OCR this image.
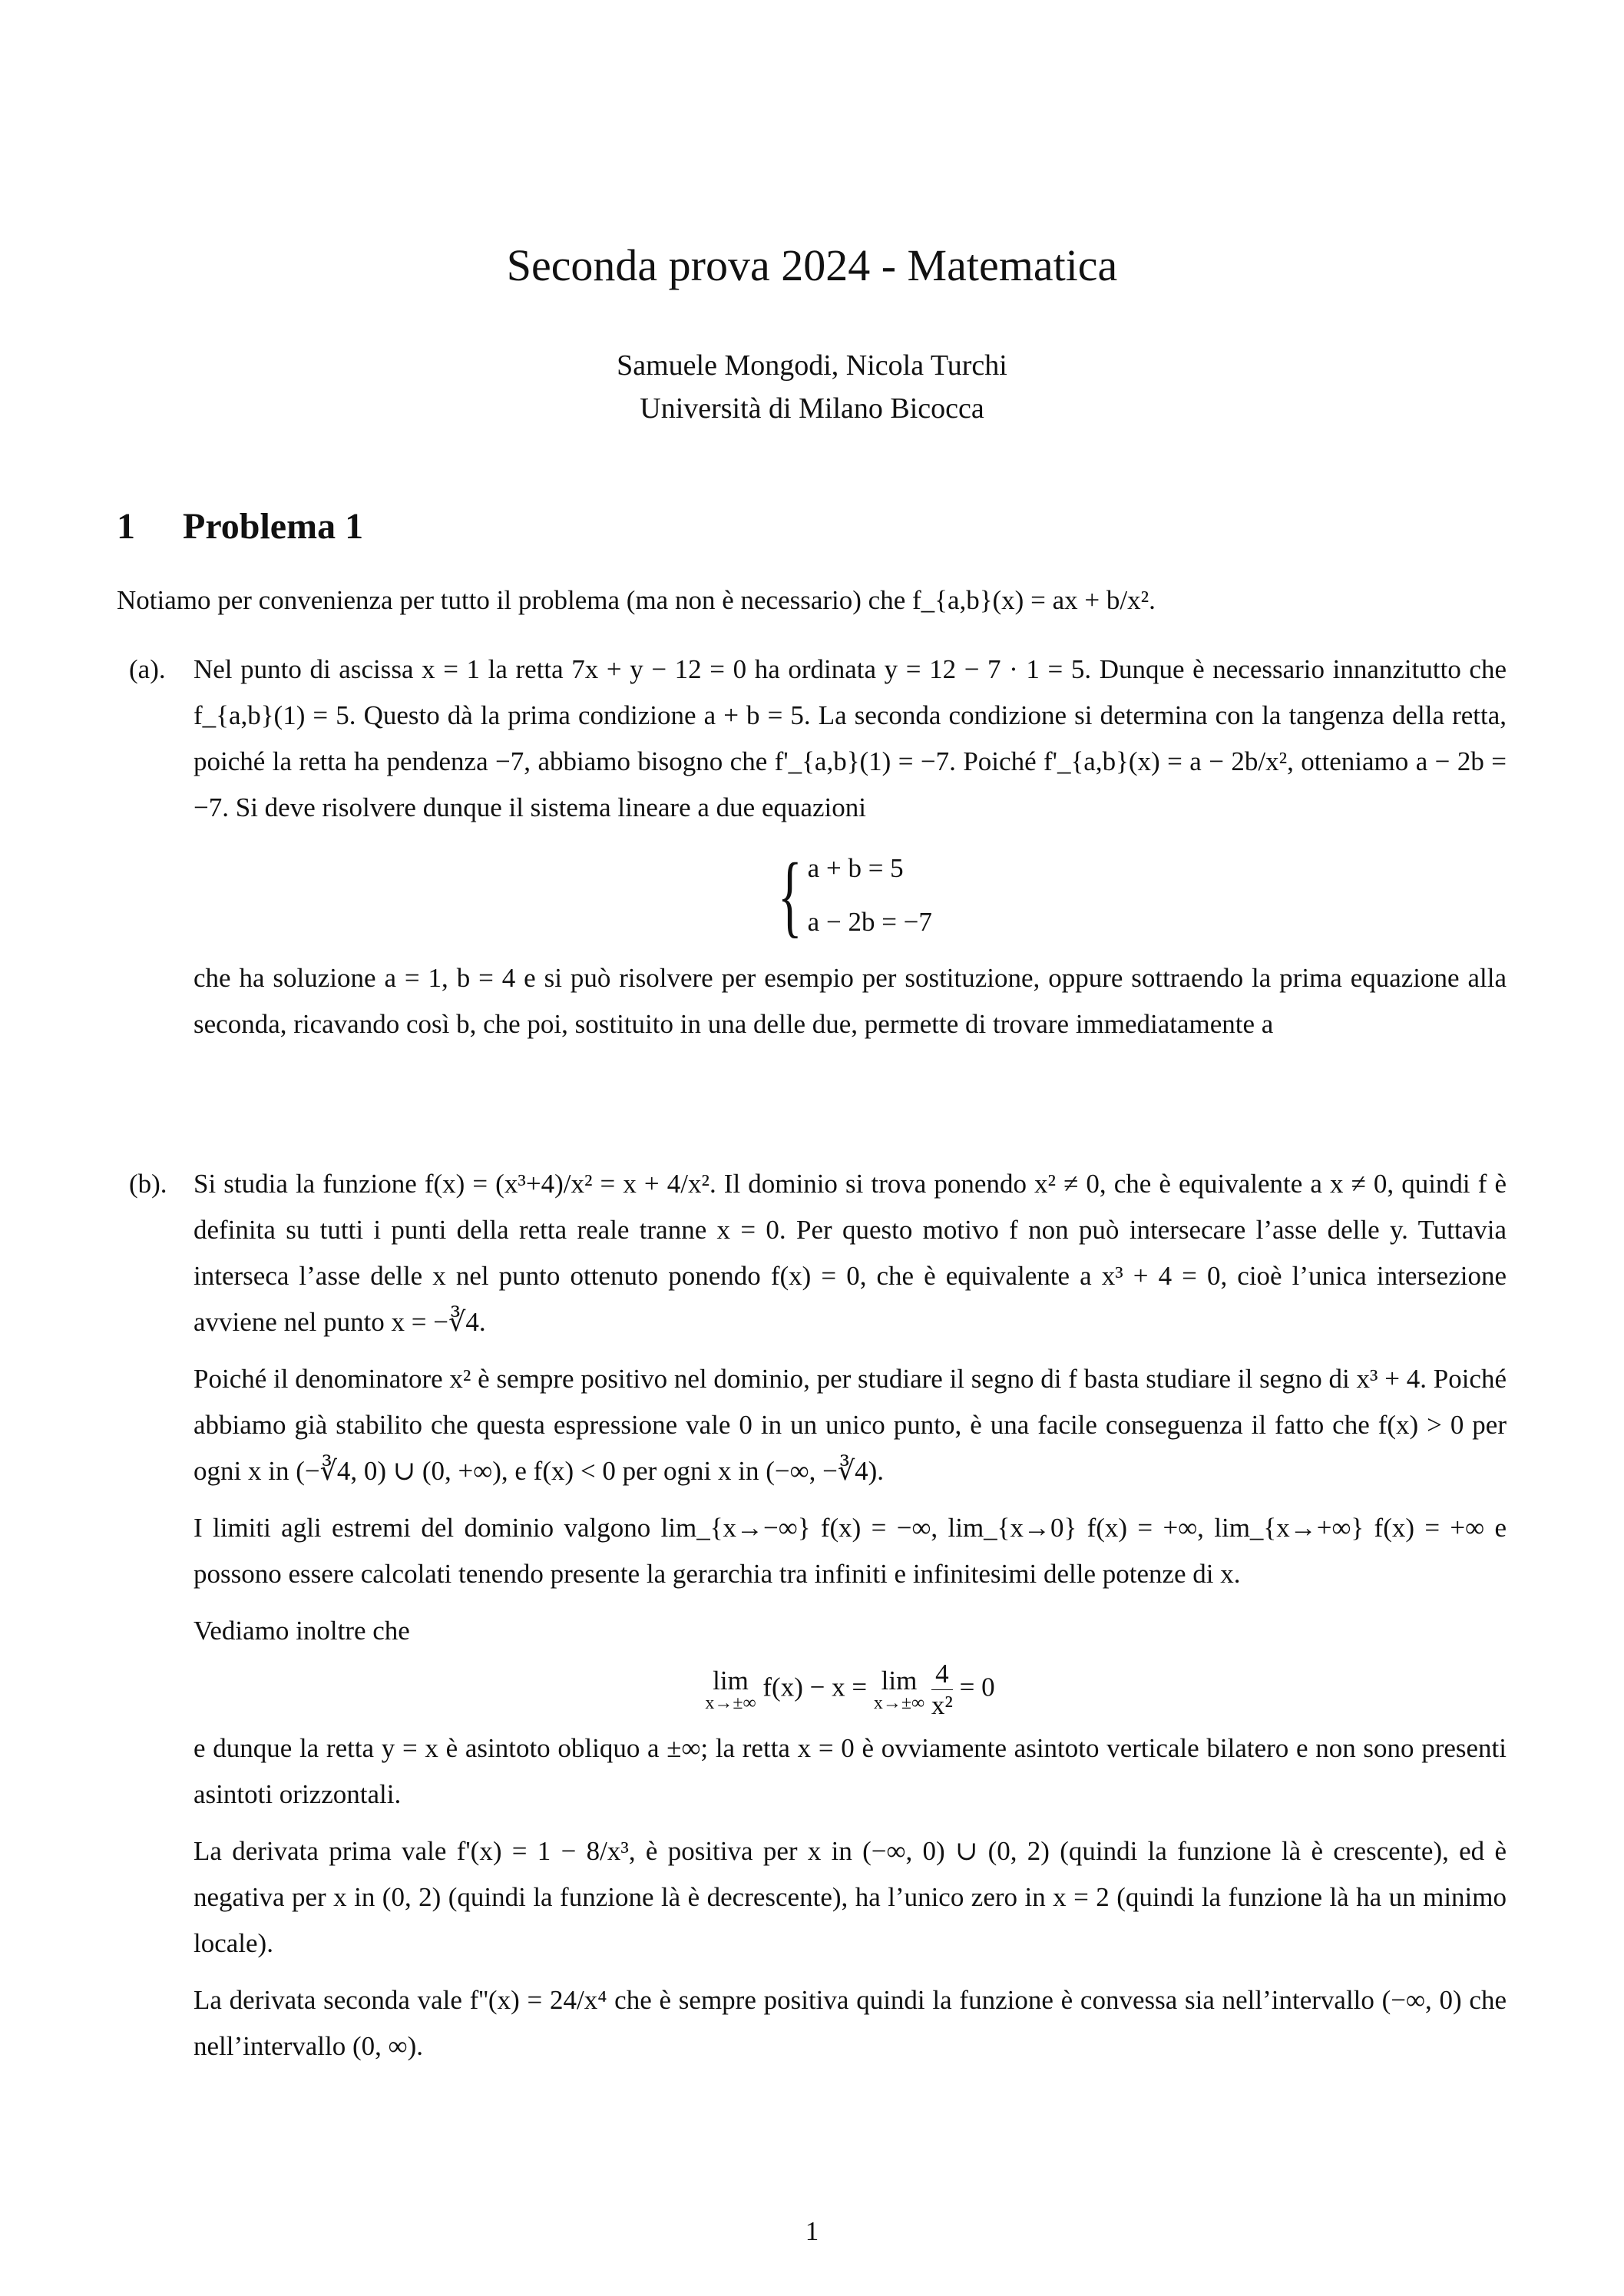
Seconda prova 2024 - Matematica
Samuele Mongodi, Nicola Turchi
Università di Milano Bicocca
1 Problema 1
Notiamo per convenienza per tutto il problema (ma non è necessario) che f_{a,b}(x) = ax + b/x².
(a). Nel punto di ascissa x = 1 la retta 7x + y − 12 = 0 ha ordinata y = 12 − 7 · 1 = 5. Dunque è necessario innanzitutto che f_{a,b}(1) = 5. Questo dà la prima condizione a + b = 5. La seconda condizione si determina con la tangenza della retta, poiché la retta ha pendenza −7, abbiamo bisogno che f'_{a,b}(1) = −7. Poiché f'_{a,b}(x) = a − 2b/x², otteniamo a − 2b = −7. Si deve risolvere dunque il sistema lineare a due equazioni

{ a + b = 5
a − 2b = −7

che ha soluzione a = 1, b = 4 e si può risolvere per esempio per sostituzione, oppure sottraendo la prima equazione alla seconda, ricavando così b, che poi, sostituito in una delle due, permette di trovare immediatamente a

(b). Si studia la funzione f(x) = (x³+4)/x² = x + 4/x². Il dominio si trova ponendo x² ≠ 0, che è equivalente a x ≠ 0, quindi f è definita su tutti i punti della retta reale tranne x = 0. Per questo motivo f non può intersecare l’asse delle y. Tuttavia interseca l’asse delle x nel punto ottenuto ponendo f(x) = 0, che è equivalente a x³ + 4 = 0, cioè l’unica intersezione avviene nel punto x = −∛4.

Poiché il denominatore x² è sempre positivo nel dominio, per studiare il segno di f basta studiare il segno di x³ + 4. Poiché abbiamo già stabilito che questa espressione vale 0 in un unico punto, è una facile conseguenza il fatto che f(x) > 0 per ogni x in (−∛4, 0) ∪ (0, +∞), e f(x) < 0 per ogni x in (−∞, −∛4).

I limiti agli estremi del dominio valgono lim_{x→−∞} f(x) = −∞, lim_{x→0} f(x) = +∞, lim_{x→+∞} f(x) = +∞ e possono essere calcolati tenendo presente la gerarchia tra infiniti e infinitesimi delle potenze di x.

Vediamo inoltre che

lim
x→±∞
f(x) − x = lim
x→±∞
$\frac{4}{\text{x²}} = 0$

e dunque la retta y = x è asintoto obliquo a ±∞; la retta x = 0 è ovviamente asintoto verticale bilatero e non sono presenti asintoti orizzontali.

La derivata prima vale f'(x) = 1 − 8/x³, è positiva per x in (−∞, 0) ∪ (0, 2) (quindi la funzione là è crescente), ed è negativa per x in (0, 2) (quindi la funzione là è decrescente), ha l’unico zero in x = 2 (quindi la funzione là ha un minimo locale).

La derivata seconda vale f''(x) = 24/x⁴ che è sempre positiva quindi la funzione è convessa sia nell’intervallo (−∞, 0) che nell’intervallo (0, ∞).

1
